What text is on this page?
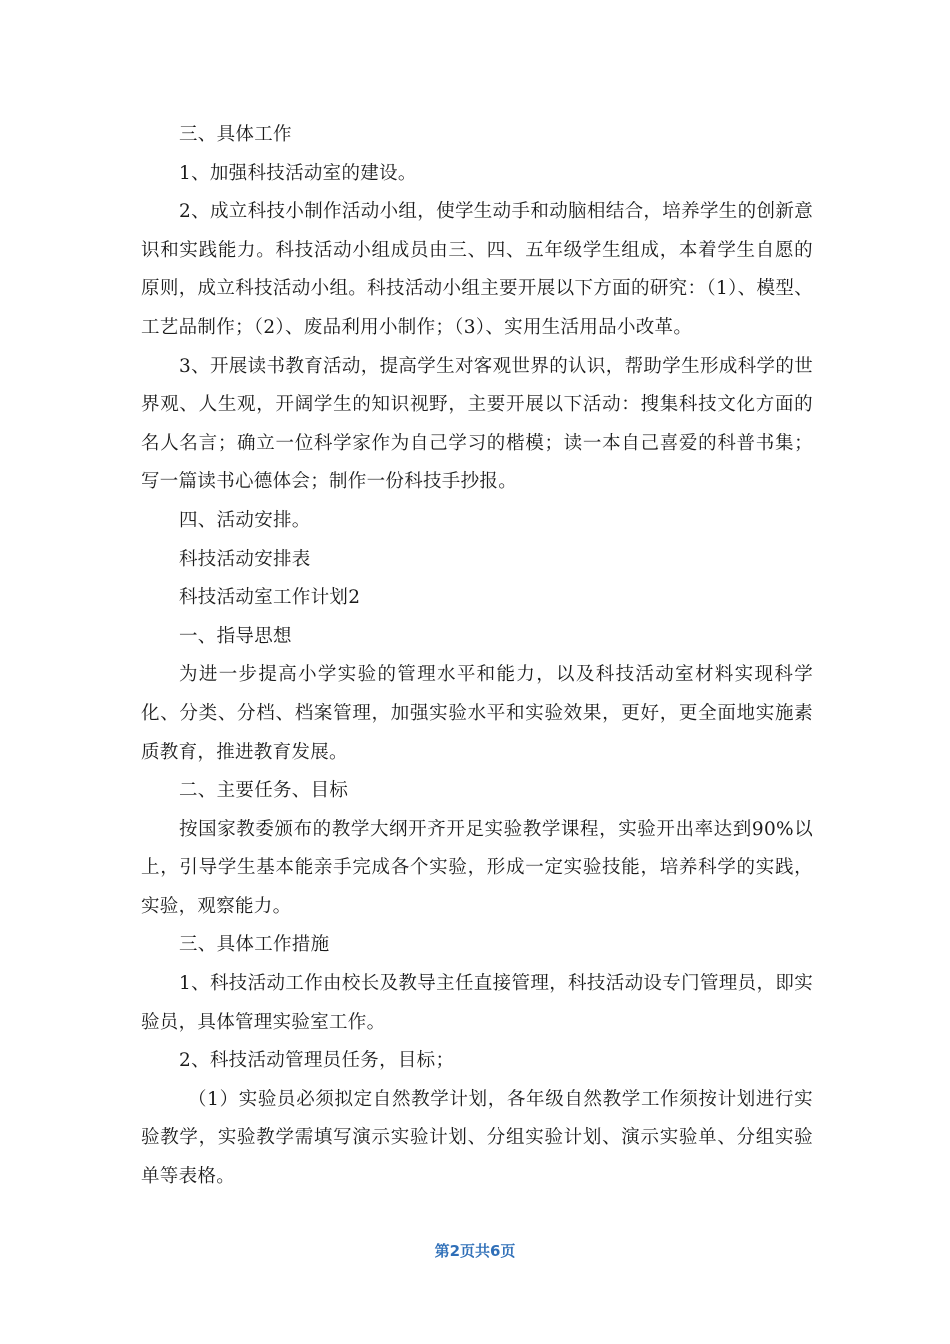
三、具体工作

1、加强科技活动室的建设。

2、成立科技小制作活动小组，使学生动手和动脑相结合，培养学生的创新意识和实践能力。科技活动小组成员由三、四、五年级学生组成，本着学生自愿的原则，成立科技活动小组。科技活动小组主要开展以下方面的研究：（1）、模型、工艺品制作；（2）、废品利用小制作；（3）、实用生活用品小改革。

3、开展读书教育活动，提高学生对客观世界的认识，帮助学生形成科学的世界观、人生观，开阔学生的知识视野，主要开展以下活动：搜集科技文化方面的名人名言；确立一位科学家作为自己学习的楷模；读一本自己喜爱的科普书集；写一篇读书心德体会；制作一份科技手抄报。

四、活动安排。

科技活动安排表

科技活动室工作计划2

一、指导思想

为进一步提高小学实验的管理水平和能力，以及科技活动室材料实现科学化、分类、分档、档案管理，加强实验水平和实验效果，更好，更全面地实施素质教育，推进教育发展。

二、主要任务、目标

按国家教委颁布的教学大纲开齐开足实验教学课程，实验开出率达到90%以上，引导学生基本能亲手完成各个实验，形成一定实验技能，培养科学的实践，实验，观察能力。

三、具体工作措施

1、科技活动工作由校长及教导主任直接管理，科技活动设专门管理员，即实验员，具体管理实验室工作。

2、科技活动管理员任务，目标；

（1）实验员必须拟定自然教学计划，各年级自然教学工作须按计划进行实验教学，实验教学需填写演示实验计划、分组实验计划、演示实验单、分组实验单等表格。

第2页共6页
